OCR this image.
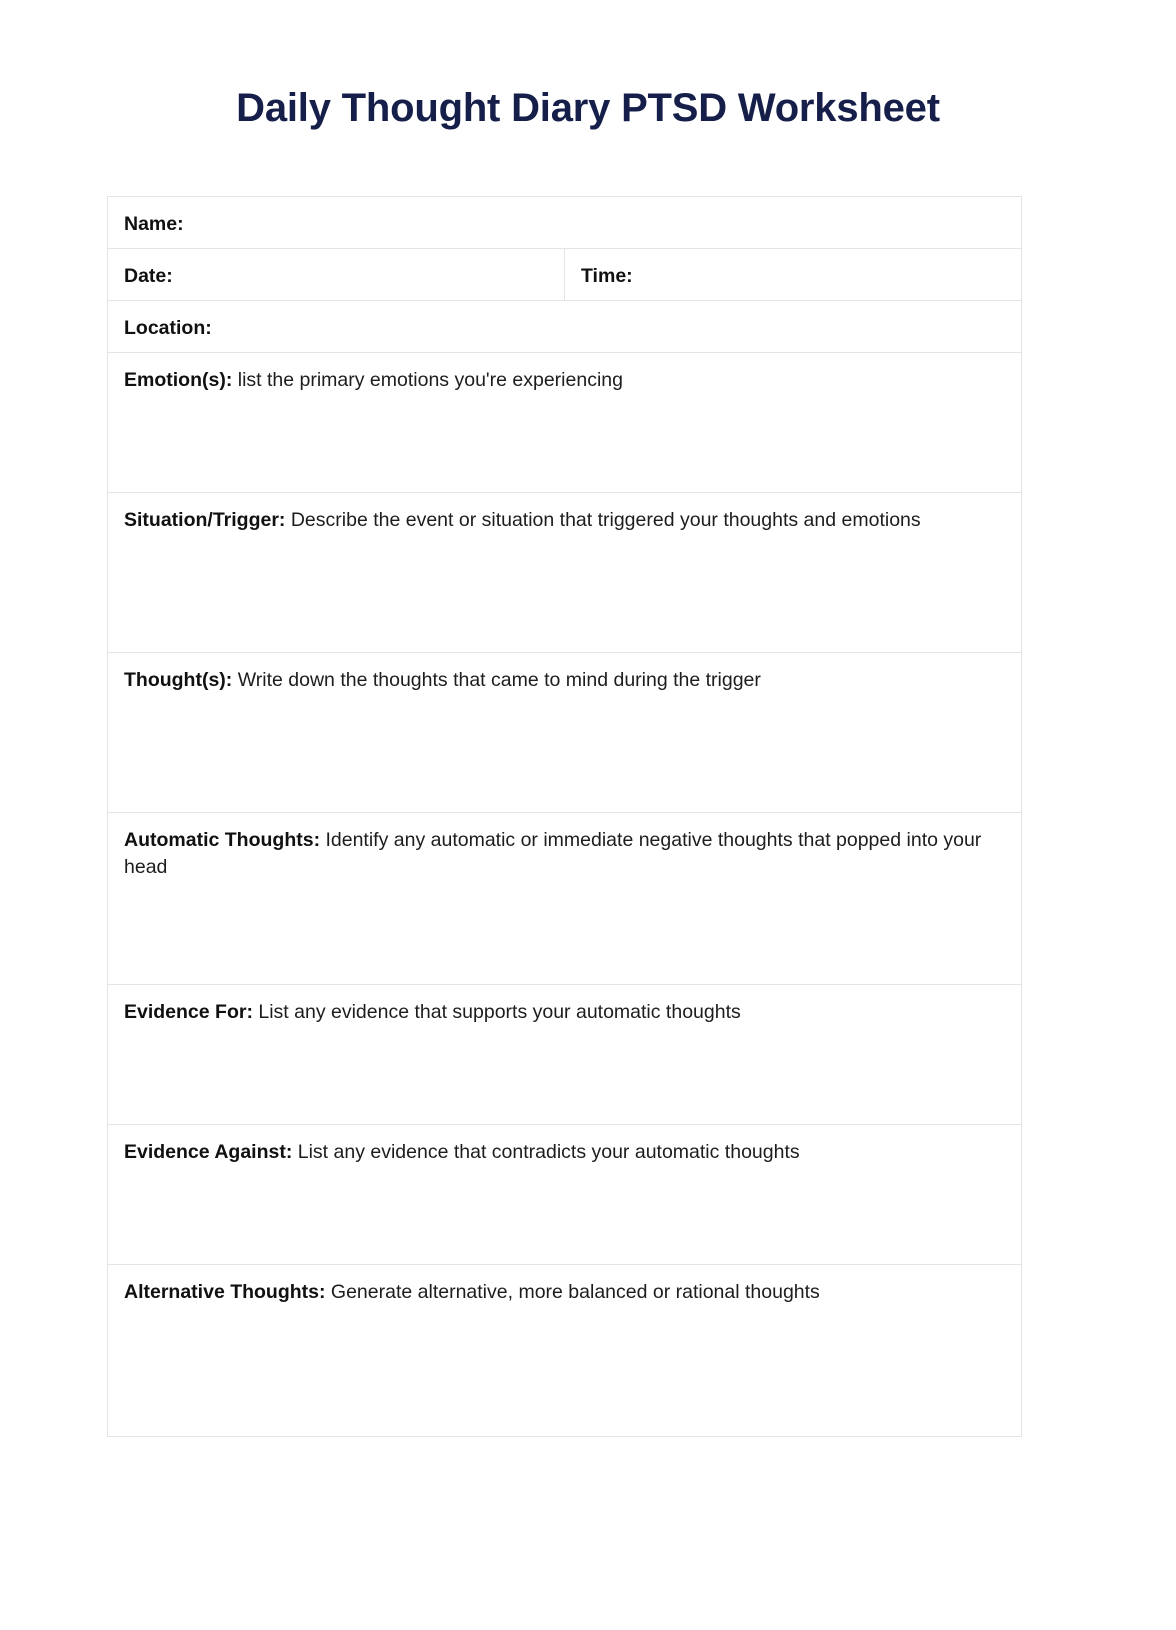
Daily Thought Diary PTSD Worksheet
Name:
Date:	Time:
Location:
Emotion(s): list the primary emotions you're experiencing
Situation/Trigger: Describe the event or situation that triggered your thoughts and emotions
Thought(s): Write down the thoughts that came to mind during the trigger
Automatic Thoughts: Identify any automatic or immediate negative thoughts that popped into your head
Evidence For: List any evidence that supports your automatic thoughts
Evidence Against: List any evidence that contradicts your automatic thoughts
Alternative Thoughts: Generate alternative, more balanced or rational thoughts
